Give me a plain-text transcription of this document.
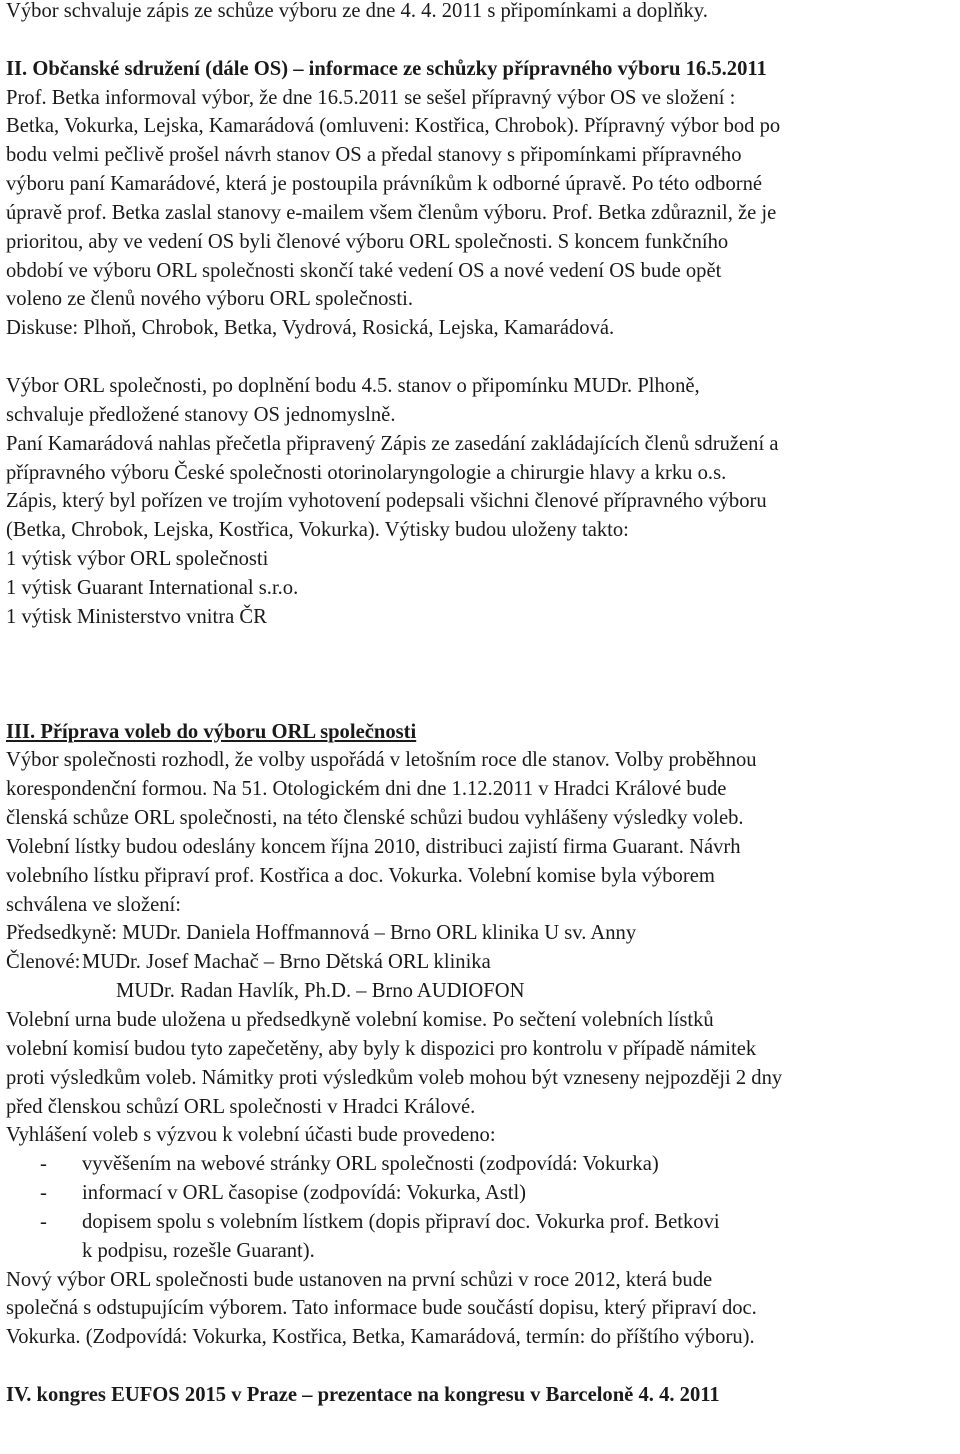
Výbor schvaluje zápis ze schůze výboru ze dne 4. 4. 2011 s připomínkami a doplňky.
II. Občanské sdružení (dále OS) – informace ze schůzky přípravného výboru 16.5.2011
Prof. Betka informoval výbor, že dne 16.5.2011 se sešel přípravný výbor OS ve složení :
Betka, Vokurka, Lejska, Kamarádová (omluveni: Kostřica, Chrobok). Přípravný výbor bod po
bodu velmi pečlivě prošel návrh stanov OS a předal stanovy s připomínkami přípravného
výboru paní Kamarádové, která je postoupila právníkům k odborné úpravě. Po této odborné
úpravě prof. Betka zaslal stanovy e-mailem všem členům výboru. Prof. Betka zdůraznil, že je
prioritou, aby ve vedení OS byli členové výboru ORL společnosti. S koncem funkčního
období ve výboru ORL společnosti skončí také vedení OS a nové vedení OS bude opět
voleno ze členů nového výboru ORL společnosti.
Diskuse: Plhoň, Chrobok, Betka, Vydrová, Rosická, Lejska, Kamarádová.
Výbor ORL společnosti, po doplnění bodu 4.5. stanov o připomínku MUDr. Plhoně,
schvaluje předložené stanovy OS jednomyslně.
Paní Kamarádová nahlas přečetla připravený Zápis ze zasedání zakládajících členů sdružení a
přípravného výboru České společnosti otorinolaryngologie a chirurgie hlavy a krku o.s.
Zápis, který byl pořízen ve trojím vyhotovení podepsali všichni členové přípravného výboru
(Betka, Chrobok, Lejska, Kostřica, Vokurka). Výtisky budou uloženy takto:
1 výtisk výbor ORL společnosti
1 výtisk Guarant International s.r.o.
1 výtisk Ministerstvo vnitra ČR
III. Příprava voleb do výboru ORL společnosti
Výbor společnosti rozhodl, že volby uspořádá v letošním roce dle stanov. Volby proběhnou
korespondenční formou. Na 51. Otologickém dni dne 1.12.2011 v Hradci Králové bude
členská schůze ORL společnosti, na této členské schůzi budou vyhlášeny výsledky voleb.
Volební lístky budou odeslány koncem října 2010, distribuci zajistí firma Guarant. Návrh
volebního lístku připraví prof. Kostřica a doc. Vokurka. Volební komise byla výborem
schválena ve složení:
Předsedkyně: MUDr. Daniela Hoffmannová – Brno ORL klinika U sv. Anny
Členové:MUDr. Josef Machač – Brno Dětská ORL klinika
MUDr. Radan Havlík, Ph.D. – Brno AUDIOFON
Volební urna bude uložena u předsedkyně volební komise. Po sečtení volebních lístků
volební komisí budou tyto zapečetěny, aby byly k dispozici pro kontrolu v případě námitek
proti výsledkům voleb. Námitky proti výsledkům voleb mohou být vzneseny nejpozději 2 dny
před členskou schůzí ORL společnosti v Hradci Králové.
Vyhlášení voleb s výzvou k volební účasti bude provedeno:
- vyvěšením na webové stránky ORL společnosti (zodpovídá: Vokurka)
- informací v ORL časopise (zodpovídá: Vokurka, Astl)
- dopisem spolu s volebním lístkem (dopis připraví doc. Vokurka prof. Betkovi
k podpisu, rozešle Guarant).
Nový výbor ORL společnosti bude ustanoven na první schůzi v roce 2012, která bude
společná s odstupujícím výborem. Tato informace bude součástí dopisu, který připraví doc.
Vokurka. (Zodpovídá: Vokurka, Kostřica, Betka, Kamarádová, termín: do příštího výboru).
IV. kongres EUFOS 2015 v Praze – prezentace na kongresu v Barceloně 4. 4. 2011
